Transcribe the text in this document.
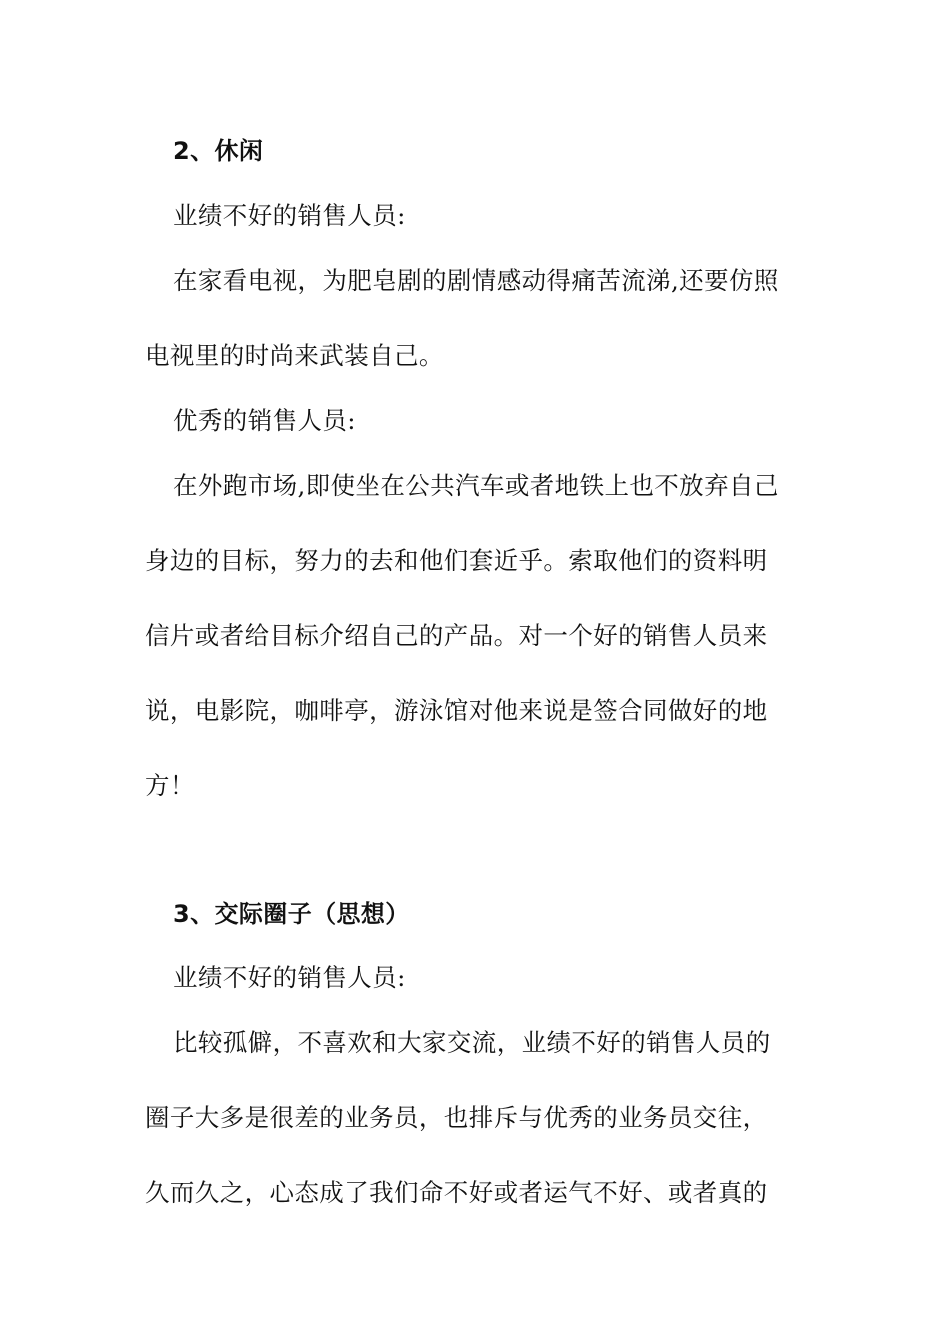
2、休闲
业绩不好的销售人员:
在家看电视，为肥皂剧的剧情感动得痛苦流涕,还要仿照
电视里的时尚来武装自己。
优秀的销售人员:
在外跑市场,即使坐在公共汽车或者地铁上也不放弃自己
身边的目标，努力的去和他们套近乎。索取他们的资料明
信片或者给目标介绍自己的产品。对一个好的销售人员来
说，电影院，咖啡亭，游泳馆对他来说是签合同做好的地
方！
3、交际圈子（思想）
业绩不好的销售人员:
比较孤僻，不喜欢和大家交流，业绩不好的销售人员的
圈子大多是很差的业务员，也排斥与优秀的业务员交往，
久而久之，心态成了我们命不好或者运气不好、或者真的
